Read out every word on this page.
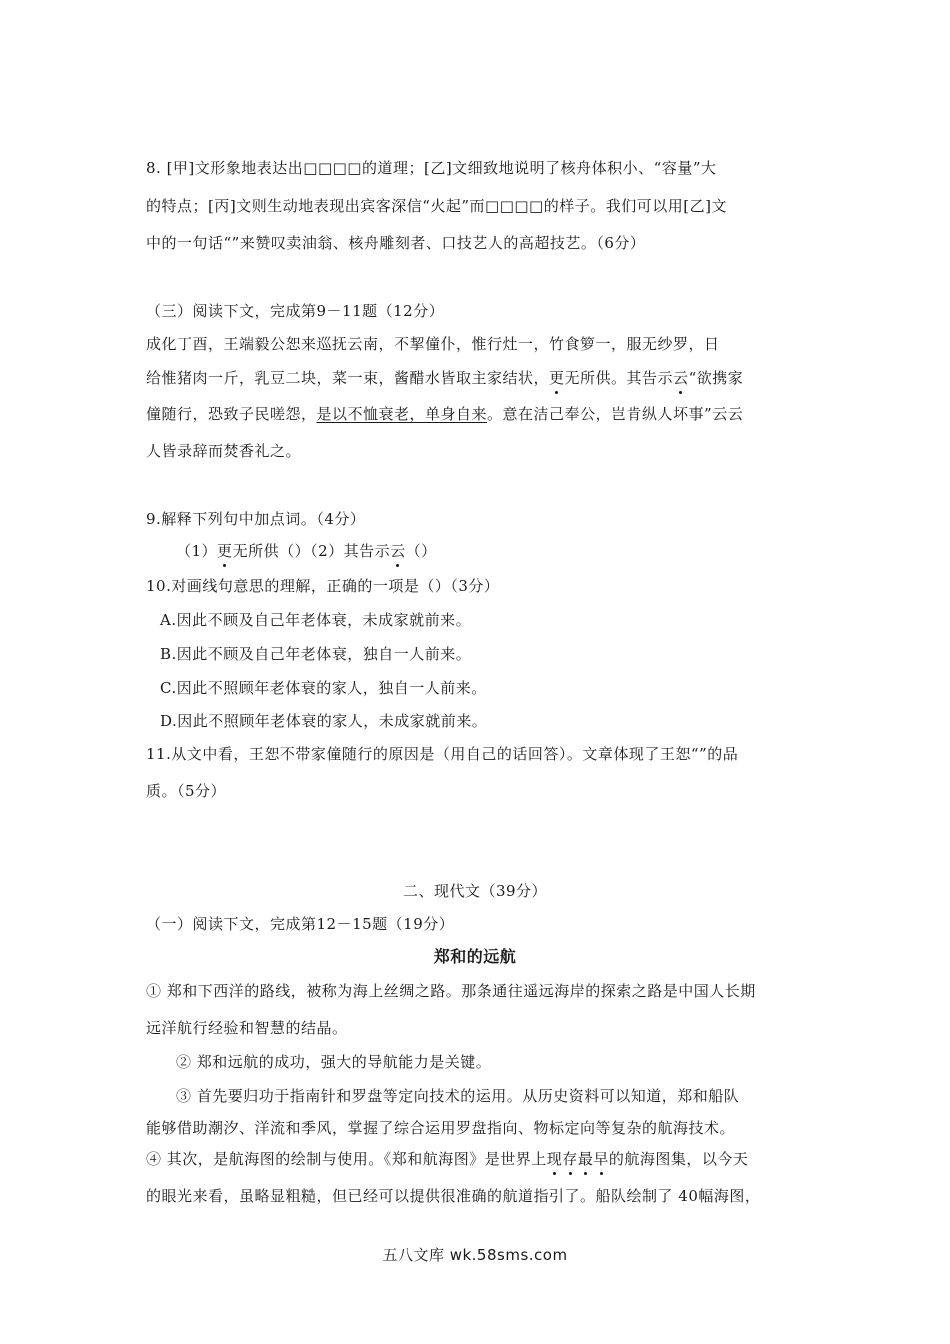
8. [甲]文形象地表达出□□□□的道理；[乙]文细致地说明了核舟体积小、“容量”大
的特点；[丙]文则生动地表现出宾客深信“火起”而□□□□的样子。我们可以用[乙]文
中的一句话“”来赞叹卖油翁、核舟雕刻者、口技艺人的高超技艺。（6分）
（三）阅读下文，完成第9－11题（12分）
成化丁酉，王端毅公恕来巡抚云南，不挈僮仆，惟行灶一，竹食箩一，服无纱罗，日
给惟猪肉一斤，乳豆二块，菜一束，酱醋水皆取主家结状，更无所供。其告示云“欲携家
僮随行，恐致子民嗟怨，是以不恤衰老，单身自来。意在洁己奉公，岂肯纵人坏事”云云
人皆录辞而焚香礼之。
9.解释下列句中加点词。（4分）
（1）更无所供（）（2）其告示云（）
10.对画线句意思的理解，正确的一项是（）（3分）
A.因此不顾及自己年老体衰，未成家就前来。
B.因此不顾及自己年老体衰，独自一人前来。
C.因此不照顾年老体衰的家人，独自一人前来。
D.因此不照顾年老体衰的家人，未成家就前来。
11.从文中看，王恕不带家僮随行的原因是（用自己的话回答）。文章体现了王恕“”的品
质。（5分）
二、现代文（39分）
（一）阅读下文，完成第12－15题（19分）
郑和的远航
① 郑和下西洋的路线，被称为海上丝绸之路。那条通往遥远海岸的探索之路是中国人长期
远洋航行经验和智慧的结晶。
② 郑和远航的成功，强大的导航能力是关键。
③ 首先要归功于指南针和罗盘等定向技术的运用。从历史资料可以知道，郑和船队
能够借助潮汐、洋流和季风，掌握了综合运用罗盘指向、物标定向等复杂的航海技术。
④ 其次，是航海图的绘制与使用。《郑和航海图》是世界上现存最早的航海图集，以今天
的眼光来看，虽略显粗糙，但已经可以提供很准确的航道指引了。船队绘制了 40幅海图，
五八文库 wk.58sms.com
